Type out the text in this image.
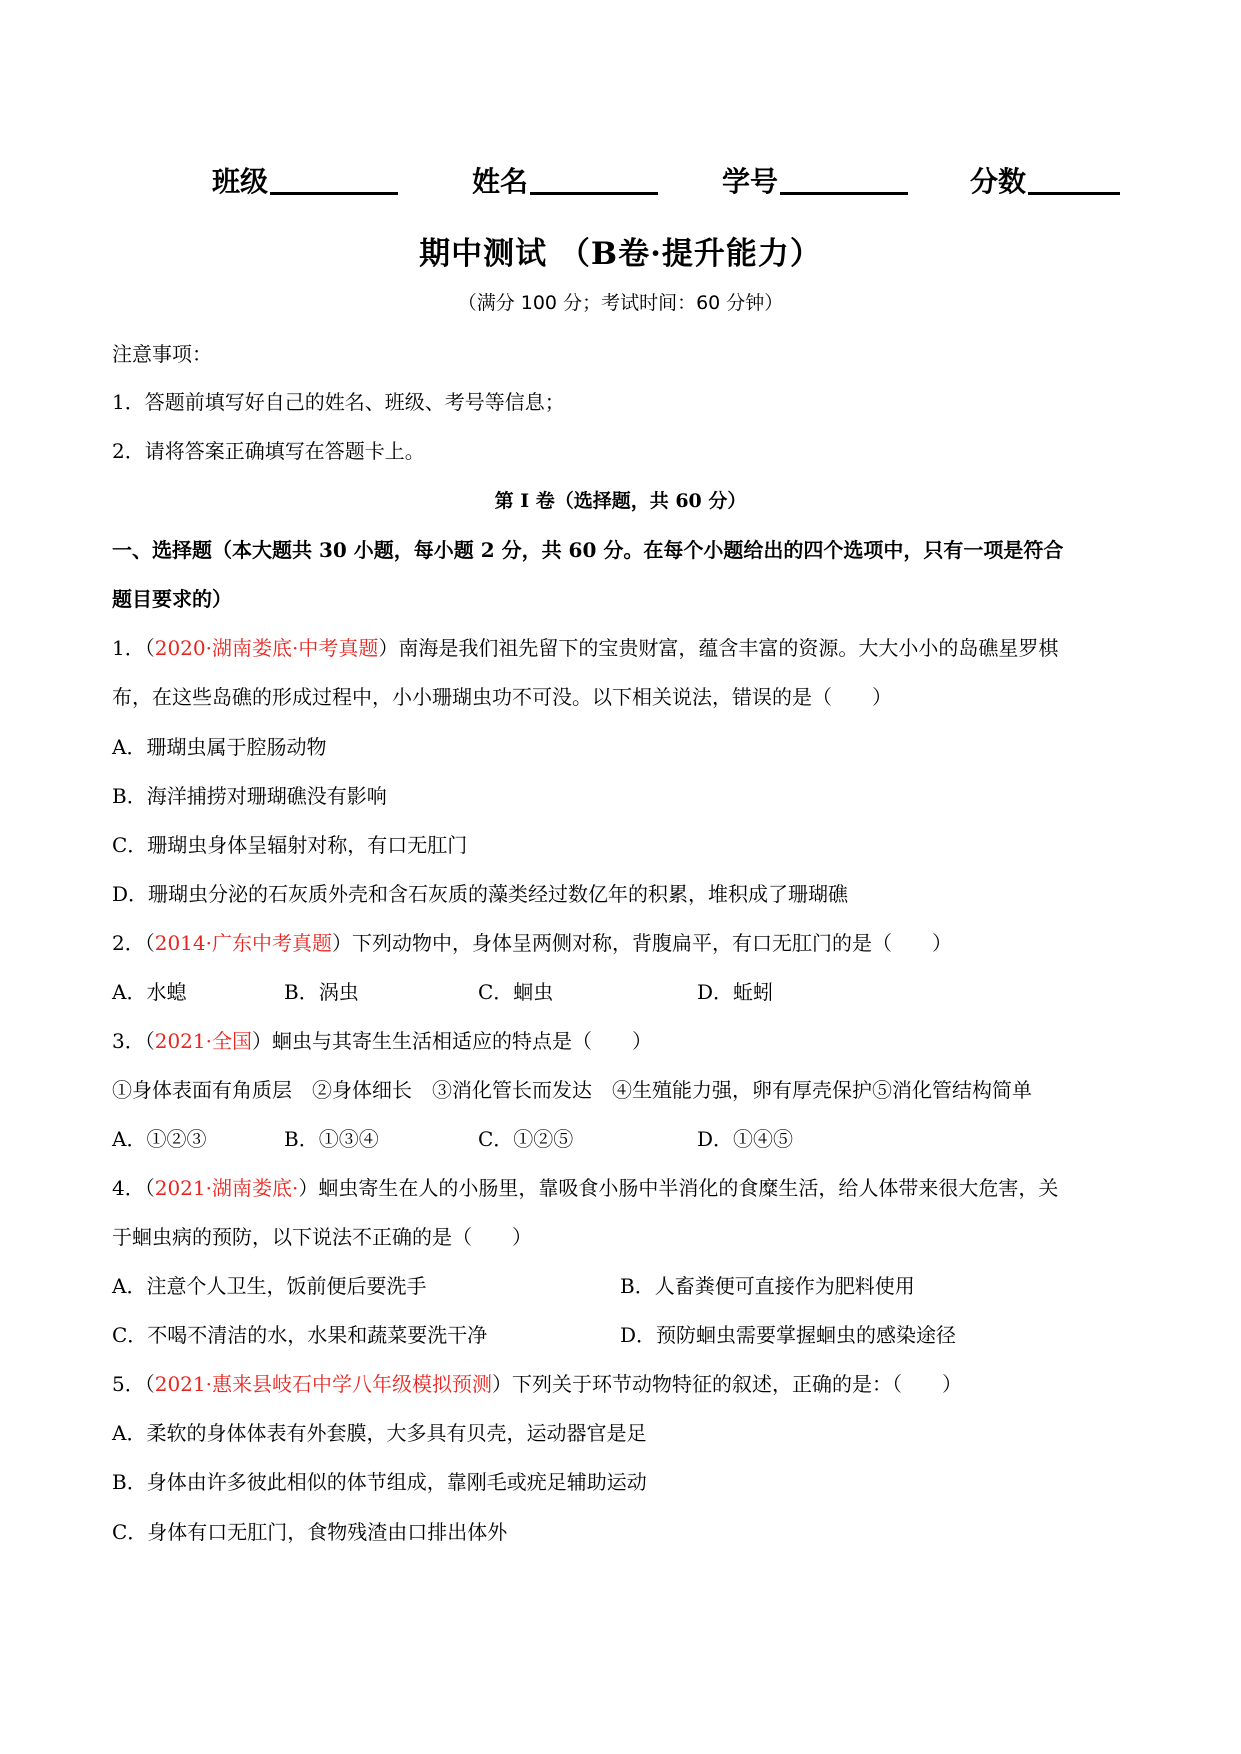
班级	姓名	学号	分数
期中测试 （B卷·提升能力）
（满分 100 分；考试时间：60 分钟）
注意事项：
1．答题前填写好自己的姓名、班级、考号等信息；
2．请将答案正确填写在答题卡上。
第 I 卷（选择题，共 60 分）
一、选择题（本大题共 30 小题，每小题 2 分，共 60 分。在每个小题给出的四个选项中，只有一项是符合
题目要求的）
1．（2020·湖南娄底·中考真题）南海是我们祖先留下的宝贵财富，蕴含丰富的资源。大大小小的岛礁星罗棋
布，在这些岛礁的形成过程中，小小珊瑚虫功不可没。以下相关说法，错误的是（　　）
A．珊瑚虫属于腔肠动物
B．海洋捕捞对珊瑚礁没有影响
C．珊瑚虫身体呈辐射对称，有口无肛门
D．珊瑚虫分泌的石灰质外壳和含石灰质的藻类经过数亿年的积累，堆积成了珊瑚礁
2．（2014·广东中考真题）下列动物中，身体呈两侧对称，背腹扁平，有口无肛门的是（　　）
A．水螅	B．涡虫	C．蛔虫	D．蚯蚓
3．（2021·全国）蛔虫与其寄生生活相适应的特点是（　　）
①身体表面有角质层　②身体细长　③消化管长而发达　④生殖能力强，卵有厚壳保护⑤消化管结构简单
A．①②③	B．①③④	C．①②⑤	D．①④⑤
4．（2021·湖南娄底·）蛔虫寄生在人的小肠里，靠吸食小肠中半消化的食糜生活，给人体带来很大危害，关
于蛔虫病的预防，以下说法不正确的是（　　）
A．注意个人卫生，饭前便后要洗手	B．人畜粪便可直接作为肥料使用
C．不喝不清洁的水，水果和蔬菜要洗干净	D．预防蛔虫需要掌握蛔虫的感染途径
5．（2021·惠来县岐石中学八年级模拟预测）下列关于环节动物特征的叙述，正确的是：（　　）
A．柔软的身体体表有外套膜，大多具有贝壳，运动器官是足
B．身体由许多彼此相似的体节组成，靠刚毛或疣足辅助运动
C．身体有口无肛门，食物残渣由口排出体外
